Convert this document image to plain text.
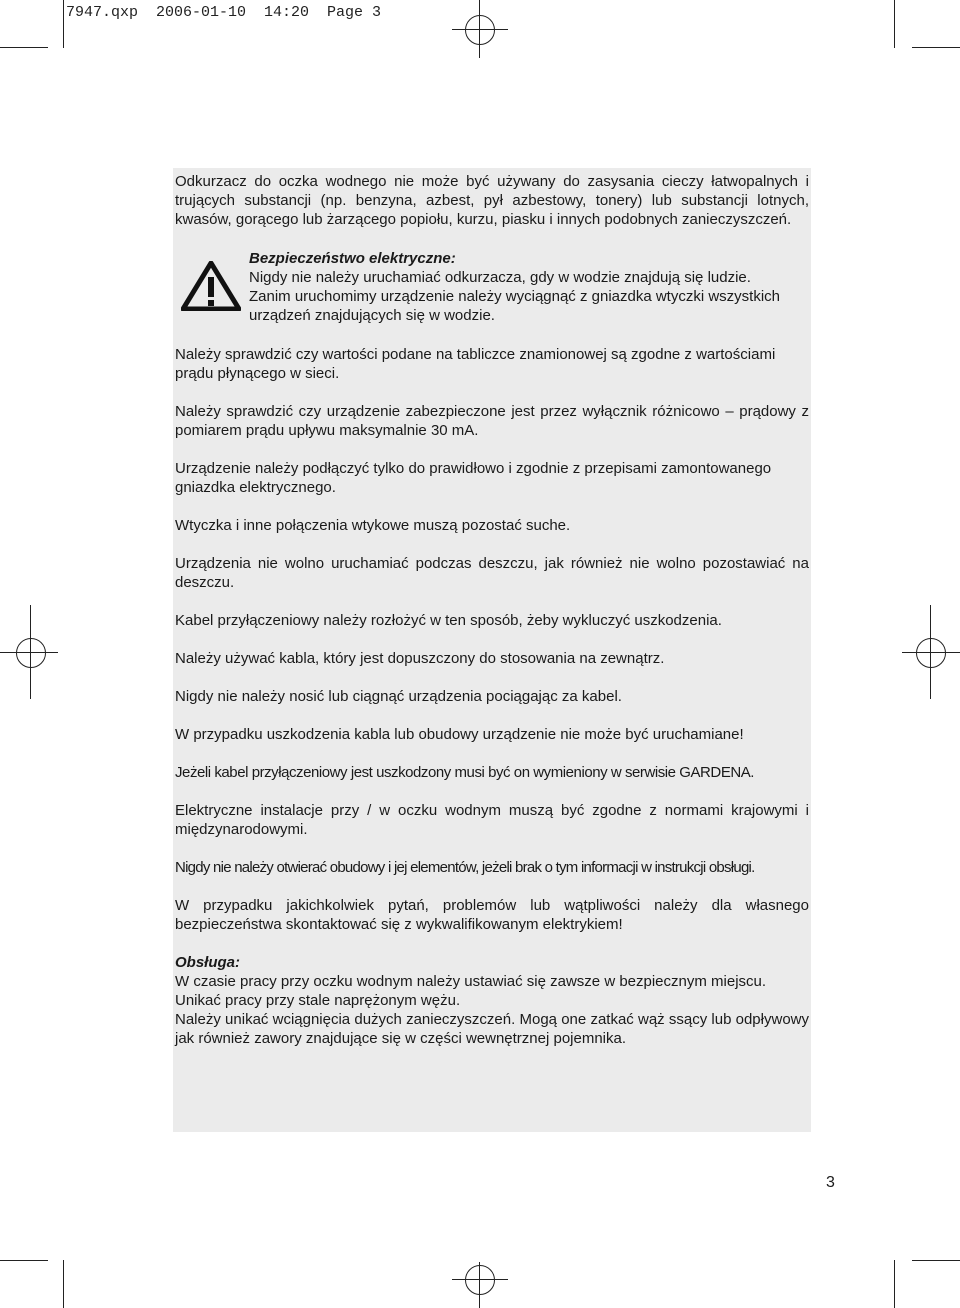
7947.qxp  2006-01-10  14:20  Page 3

Odkurzacz do oczka wodnego nie może być używany do zasysania cieczy łatwopalnych i trujących substancji (np. benzyna, azbest, pył azbestowy, tonery) lub substancji lotnych, kwasów, gorącego lub żarzącego popiołu, kurzu, piasku i innych podobnych zanieczyszczeń.

Bezpieczeństwo elektryczne:

Nigdy nie należy uruchamiać odkurzacza, gdy w wodzie znajdują się ludzie.

Zanim uruchomimy urządzenie należy wyciągnąć z gniazdka wtyczki wszystkich urządzeń znajdujących się w wodzie.

Należy sprawdzić czy wartości podane na tabliczce znamionowej są zgodne z wartościami prądu płynącego w sieci.

Należy sprawdzić czy urządzenie zabezpieczone jest przez wyłącznik różnicowo – prądowy z pomiarem prądu upływu maksymalnie 30 mA.

Urządzenie należy podłączyć tylko do prawidłowo i zgodnie z przepisami zamontowanego gniazdka elektrycznego.

Wtyczka i inne połączenia wtykowe muszą pozostać suche.

Urządzenia nie wolno uruchamiać podczas deszczu, jak również nie wolno pozostawiać na deszczu.

Kabel przyłączeniowy należy rozłożyć w ten sposób, żeby wykluczyć uszkodzenia.

Należy używać kabla, który jest dopuszczony do stosowania na zewnątrz.

Nigdy nie należy nosić lub ciągnąć urządzenia pociągając za kabel.

W przypadku uszkodzenia kabla lub obudowy urządzenie nie może być uruchamiane!

Jeżeli kabel przyłączeniowy jest uszkodzony musi być on wymieniony w serwisie GARDENA.

Elektryczne instalacje przy / w oczku wodnym muszą być zgodne z normami krajowymi i międzynarodowymi.

Nigdy nie należy otwierać obudowy i jej elementów, jeżeli brak o tym informacji w instrukcji obsługi.

W przypadku jakichkolwiek pytań, problemów lub wątpliwości należy dla własnego bezpieczeństwa skontaktować się z wykwalifikowanym elektrykiem!

Obsługa:

W czasie pracy przy oczku wodnym należy ustawiać się zawsze w bezpiecznym miejscu.

Unikać pracy przy stale naprężonym wężu.

Należy unikać wciągnięcia dużych zanieczyszczeń. Mogą one zatkać wąż ssący lub odpływowy jak również zawory znajdujące się w części wewnętrznej pojemnika.

3
